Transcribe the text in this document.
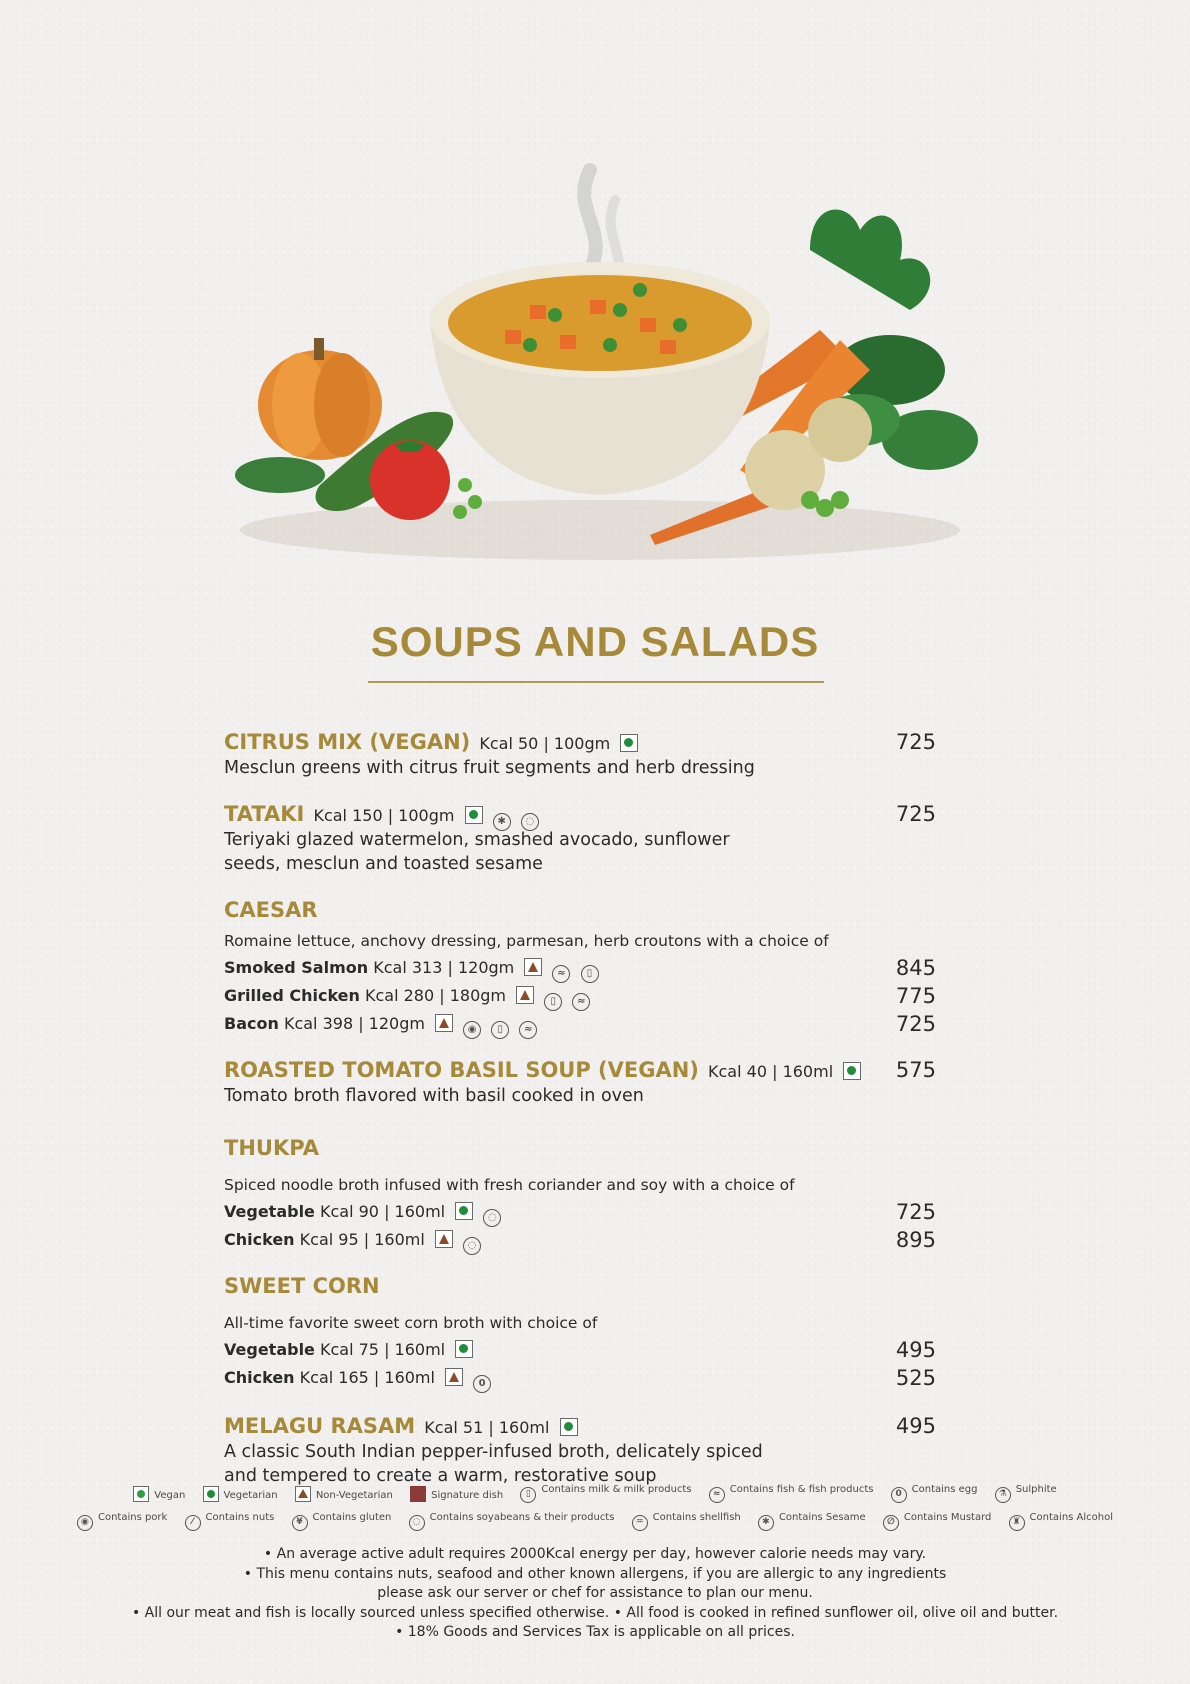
SOUPS AND SALADS
CITRUS MIX (VEGAN) Kcal 50 | 100gm	725
Mesclun greens with citrus fruit segments and herb dressing
TATAKI Kcal 150 | 100gm	✱ ◌	725
Teriyaki glazed watermelon, smashed avocado, sunflower seeds, mesclun and toasted sesame
CAESAR
Romaine lettuce, anchovy dressing, parmesan, herb croutons with a choice of
Smoked Salmon Kcal 313 | 120gm	≈ ▯	845
Grilled Chicken Kcal 280 | 180gm	▯ ≈	775
Bacon Kcal 398 | 120gm	◉ ▯ ≈	725
ROASTED TOMATO BASIL SOUP (VEGAN) Kcal 40 | 160ml	575
Tomato broth flavored with basil cooked in oven
THUKPA
Spiced noodle broth infused with fresh coriander and soy with a choice of
Vegetable Kcal 90 | 160ml	◌	725
Chicken Kcal 95 | 160ml	◌	895
SWEET CORN
All-time favorite sweet corn broth with choice of
Vegetable Kcal 75 | 160ml	495
Chicken Kcal 165 | 160ml	0	525
MELAGU RASAM Kcal 51 | 160ml	495
A classic South Indian pepper-infused broth, delicately spiced and tempered to create a warm, restorative soup
Vegan	Vegetarian	Non-Vegetarian	Signature dish	▯ Contains milk & milk products ≈ Contains fish & fish products 0 Contains egg ⚗ Sulphite
◉ Contains pork	⁄ Contains nuts ¥ Contains gluten ◌ Contains soyabeans & their products ♒ Contains shellfish ✱ Contains Sesame ∅ Contains Mustard ♜ Contains Alcohol
• An average active adult requires 2000Kcal energy per day, however calorie needs may vary.
• This menu contains nuts, seafood and other known allergens, if you are allergic to any ingredients
please ask our server or chef for assistance to plan our menu.
• All our meat and fish is locally sourced unless specified otherwise. • All food is cooked in refined sunflower oil, olive oil and butter.
• 18% Goods and Services Tax is applicable on all prices.
